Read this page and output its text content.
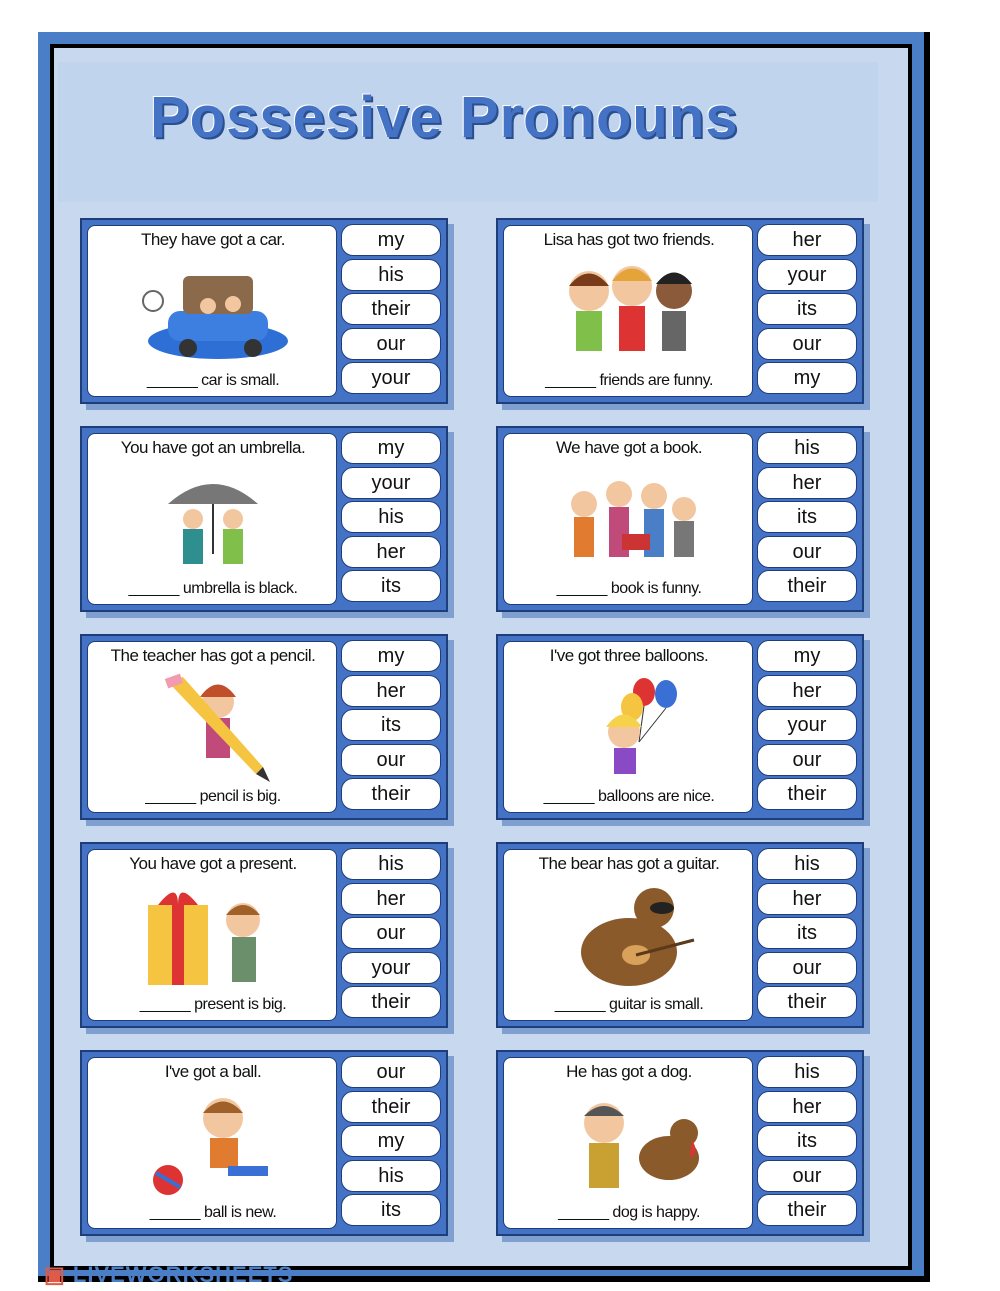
Possesive Pronouns
They have got a car.
______ car is small.
my
his
their
our
your
Lisa has got two friends.
______ friends are funny.
her
your
its
our
my
You have got an umbrella.
______ umbrella is black.
my
your
his
her
its
We have got a book.
______ book is funny.
his
her
its
our
their
The teacher has got a pencil.
______ pencil is big.
my
her
its
our
their
I've got three balloons.
______ balloons are nice.
my
her
your
our
their
You have got a present.
______ present is big.
his
her
our
your
their
The bear has got a guitar.
______ guitar is small.
his
her
its
our
their
I've got a ball.
______ ball is new.
our
their
my
his
its
He has got a dog.
______ dog is happy.
his
her
its
our
their
▣ LIVEWORKSHEETS
